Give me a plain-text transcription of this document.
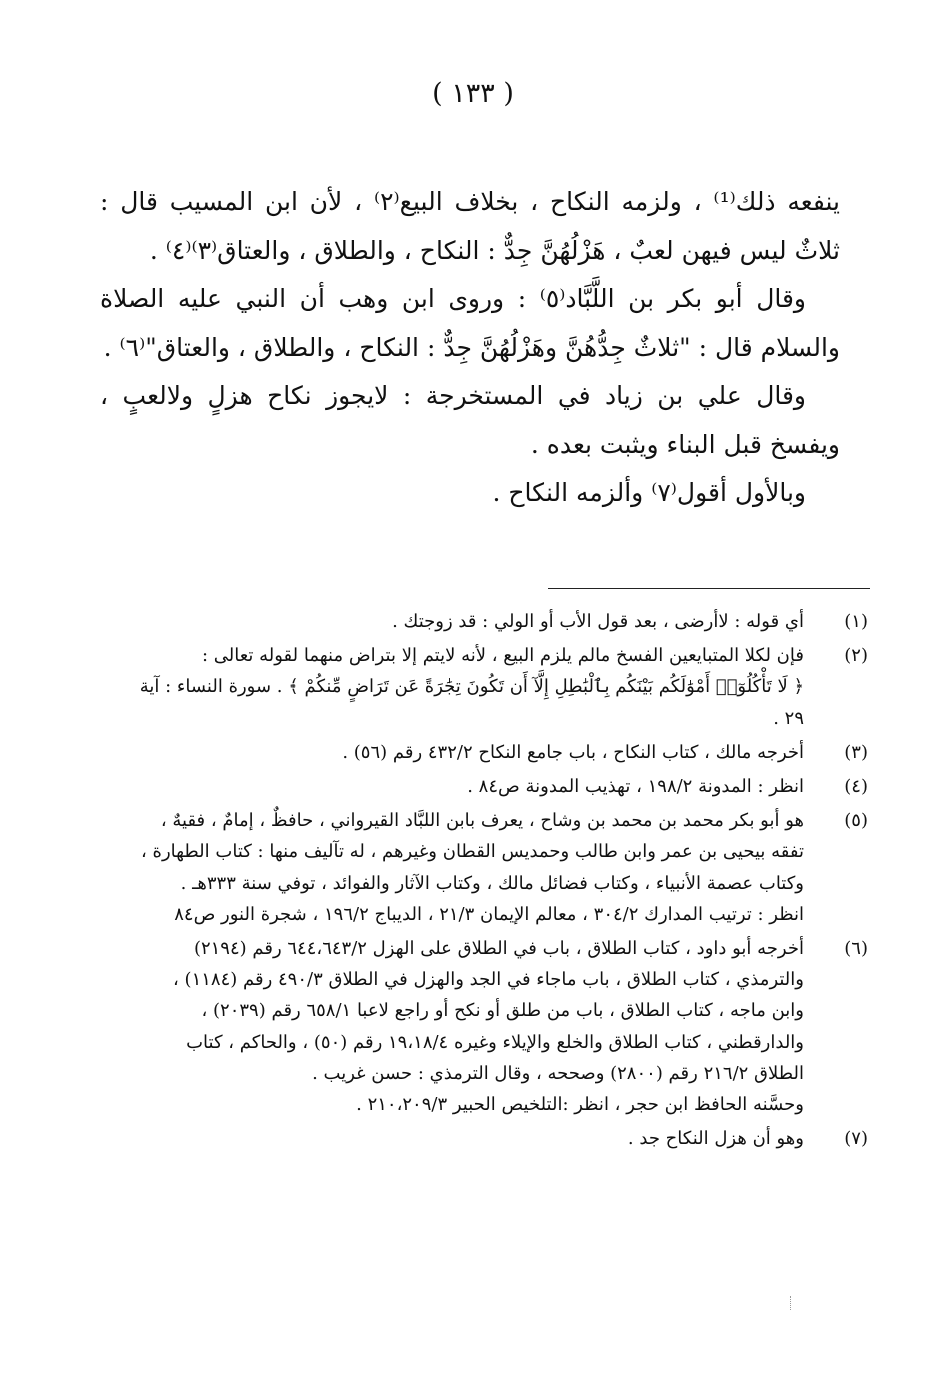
( ١٣٣ )

ينفعه ذلك⁽¹⁾ ، ولزمه النكاح ، بخلاف البيع⁽٢⁾ ، لأن ابن المسيب قال : ثلاثٌ ليس فيهن لعبٌ ، هَزْلُهُنَّ جِدٌّ : النكاح ، والطلاق ، والعتاق⁽٣⁾⁽٤⁾ .

وقال أبو بكر بن اللَّبَّاد⁽٥⁾ : وروى ابن وهب أن النبي عليه الصلاة والسلام قال : "ثلاثٌ جِدُّهُنَّ وهَزْلُهُنَّ جِدٌّ : النكاح ، والطلاق ، والعتاق"⁽٦⁾ .

وقال علي بن زياد في المستخرجة : لايجوز نكاح هزلٍ ولالعبٍ ، ويفسخ قبل البناء ويثبت بعده .

وبالأول أقول⁽٧⁾ وألزمه النكاح .

(١)
أي قوله : لاأرضى ، بعد قول الأب أو الولي : قد زوجتك .
(٢)
فإن لكلا المتبايعين الفسخ مالم يلزم البيع ، لأنه لايتم إلا بتراض منهما لقوله تعالى :
﴿ لَا تَأْكُلُوٓا۟ أَمْوَٰلَكُم بَيْنَكُم بِٱلْبَٰطِلِ إِلَّآ أَن تَكُونَ تِجَٰرَةً عَن تَرَاضٍ مِّنكُمْ ﴾ . سورة النساء : آية
٢٩ .
(٣)
أخرجه مالك ، كتاب النكاح ، باب جامع النكاح ٤٣٢/٢ رقم (٥٦) .
(٤)
انظر : المدونة ١٩٨/٢ ، تهذيب المدونة ص٨٤ .
(٥)
هو أبو بكر محمد بن محمد بن وشاح ، يعرف بابن اللبَّاد القيرواني ، حافظٌ ، إمامٌ ، فقيهٌ ،
تفقه بيحيى بن عمر وابن طالب وحمديس القطان وغيرهم ، له تآليف منها : كتاب الطهارة ،
وكتاب عصمة الأنبياء ، وكتاب فضائل مالك ، وكتاب الآثار والفوائد ، توفي سنة ٣٣٣هـ .
انظر : ترتيب المدارك ٣٠٤/٢ ، معالم الإيمان ٢١/٣ ، الديباج ١٩٦/٢ ، شجرة النور ص٨٤
(٦)
أخرجه أبو داود ، كتاب الطلاق ، باب في الطلاق على الهزل ٦٤٤،٦٤٣/٢ رقم (٢١٩٤)
والترمذي ، كتاب الطلاق ، باب ماجاء في الجد والهزل في الطلاق ٤٩٠/٣ رقم (١١٨٤) ،
وابن ماجه ، كتاب الطلاق ، باب من طلق أو نكح أو راجع لاعبا ٦٥٨/١ رقم (٢٠٣٩) ،
والدارقطني ، كتاب الطلاق والخلع والإيلاء وغيره ١٩،١٨/٤ رقم (٥٠) ، والحاكم ، كتاب
الطلاق ٢١٦/٢ رقم (٢٨٠٠) وصححه ، وقال الترمذي : حسن غريب .
وحسَّنه الحافظ ابن حجر ، انظر :التلخيص الحبير ٢١٠،٢٠٩/٣ .
(٧)
وهو أن هزل النكاح جد .
